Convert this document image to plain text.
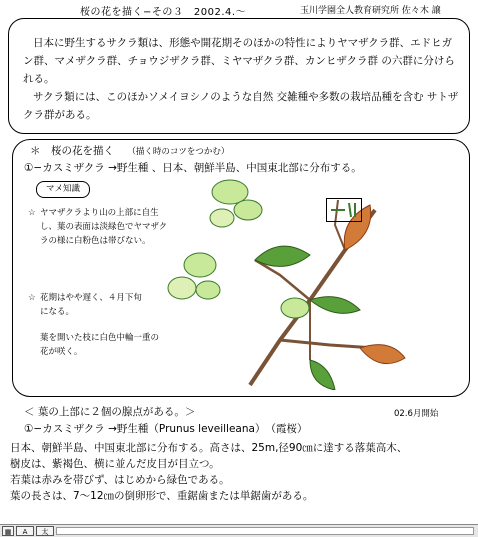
桜の花を描く−その３　2002.4.〜	玉川学園全人教育研究所 佐々木 譲

日本に野生するサクラ類は、形態や開花期そのほかの特性によりヤマザクラ群、エドヒガン群、マメザクラ群、チョウジザクラ群、ミヤマザクラ群、カンヒザクラ群 の六群に分けられる。

サクラ類には、このほかソメイヨシノのような自然 交雑種や多数の栽培品種を含む サトザクラ群がある。

＊　桜の花を描く （描く時のコツをつかむ）
①−カスミザクラ →野生種 、日本、朝鮮半島、中国東北部に分布する。
マメ知識
☆ ヤマザクラより山の上部に自生し、葉の表面は淡緑色でヤマザクラの様に白粉色は帯びない。
☆ 花期はやや遅く、４月下旬になる。
葉を開いた枝に白色中輪一重の花が咲く。
＜ 葉の上部に２個の腺点がある。＞	02.6月開始
①−カスミザクラ →野生種（Prunus leveilleana）　（霞桜）

日本、朝鮮半島、中国東北部に分布する。高さは、25m,径90㎝に達する落葉高木、

樹皮は、紫褐色、横に並んだ皮目が目立つ。

若葉は赤みを帯びず、はじめから緑色である。

葉の長さは、7〜12㎝の倒卵形で、重鋸歯または単鋸歯がある。

▦	A	太
